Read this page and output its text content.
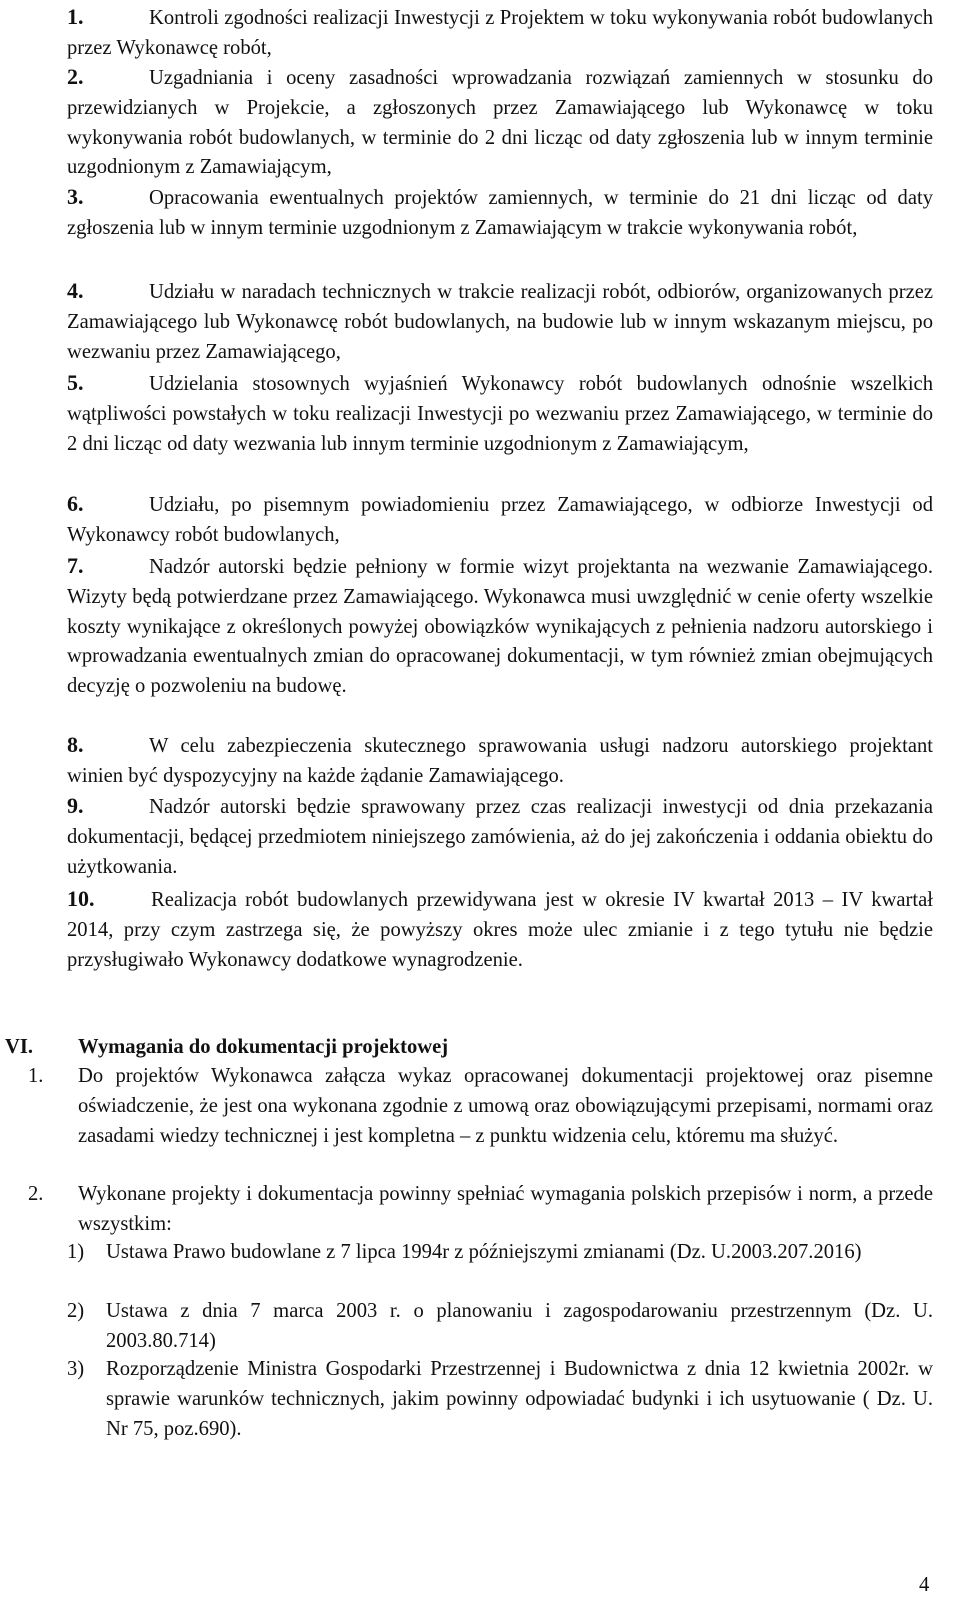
1.	Kontroli zgodności realizacji Inwestycji z Projektem w toku wykonywania robót budowlanych przez Wykonawcę robót,

2.	Uzgadniania i oceny zasadności wprowadzania rozwiązań zamiennych w stosunku do przewidzianych w Projekcie, a zgłoszonych przez Zamawiającego lub Wykonawcę w toku wykonywania robót budowlanych, w terminie do 2 dni licząc od daty zgłoszenia lub w innym terminie uzgodnionym z Zamawiającym,

3.	Opracowania ewentualnych projektów zamiennych, w terminie do 21 dni licząc od daty zgłoszenia lub w innym terminie uzgodnionym z Zamawiającym w trakcie wykonywania robót,

4.	Udziału w naradach technicznych w trakcie realizacji robót, odbiorów, organizowanych przez Zamawiającego lub Wykonawcę robót budowlanych, na budowie lub w innym wskazanym miejscu, po wezwaniu przez Zamawiającego,

5.	Udzielania stosownych wyjaśnień Wykonawcy robót budowlanych odnośnie wszelkich wątpliwości powstałych w toku realizacji Inwestycji po wezwaniu przez Zamawiającego, w terminie do 2 dni licząc od daty wezwania lub innym terminie uzgodnionym z Zamawiającym,

6.	Udziału, po pisemnym powiadomieniu przez Zamawiającego, w odbiorze Inwestycji od Wykonawcy robót budowlanych,

7.	Nadzór autorski będzie pełniony w formie wizyt projektanta na wezwanie Zamawiającego. Wizyty będą potwierdzane przez Zamawiającego. Wykonawca musi uwzględnić w cenie oferty wszelkie koszty wynikające z określonych powyżej obowiązków wynikających z pełnienia nadzoru autorskiego i wprowadzania ewentualnych zmian do opracowanej dokumentacji, w tym również zmian obejmujących decyzję o pozwoleniu na budowę.

8.	W celu zabezpieczenia skutecznego sprawowania usługi nadzoru autorskiego projektant winien być dyspozycyjny na każde żądanie Zamawiającego.

9.	Nadzór autorski będzie sprawowany przez czas realizacji inwestycji od dnia przekazania dokumentacji, będącej przedmiotem niniejszego zamówienia, aż do jej zakończenia i oddania obiektu do użytkowania.

10.	Realizacja robót budowlanych przewidywana jest w okresie IV kwartał 2013 – IV kwartał 2014, przy czym zastrzega się, że powyższy okres może ulec zmianie i z tego tytułu nie będzie przysługiwało Wykonawcy dodatkowe wynagrodzenie.

VI. Wymagania do dokumentacji projektowej
1. Do projektów Wykonawca załącza wykaz opracowanej dokumentacji projektowej oraz pisemne oświadczenie, że jest ona wykonana zgodnie z umową oraz obowiązującymi przepisami, normami oraz zasadami wiedzy technicznej i jest kompletna – z punktu widzenia celu, któremu ma służyć.

2. Wykonane projekty i dokumentacja powinny spełniać wymagania polskich przepisów i norm, a przede wszystkim:

1) Ustawa Prawo budowlane z 7 lipca 1994r z późniejszymi zmianami (Dz. U.2003.207.2016)

2) Ustawa z dnia 7 marca 2003 r. o planowaniu i zagospodarowaniu przestrzennym (Dz. U. 2003.80.714)

3) Rozporządzenie Ministra Gospodarki Przestrzennej i Budownictwa z dnia 12 kwietnia 2002r. w sprawie warunków technicznych, jakim powinny odpowiadać budynki i ich usytuowanie ( Dz. U. Nr 75, poz.690).

4
